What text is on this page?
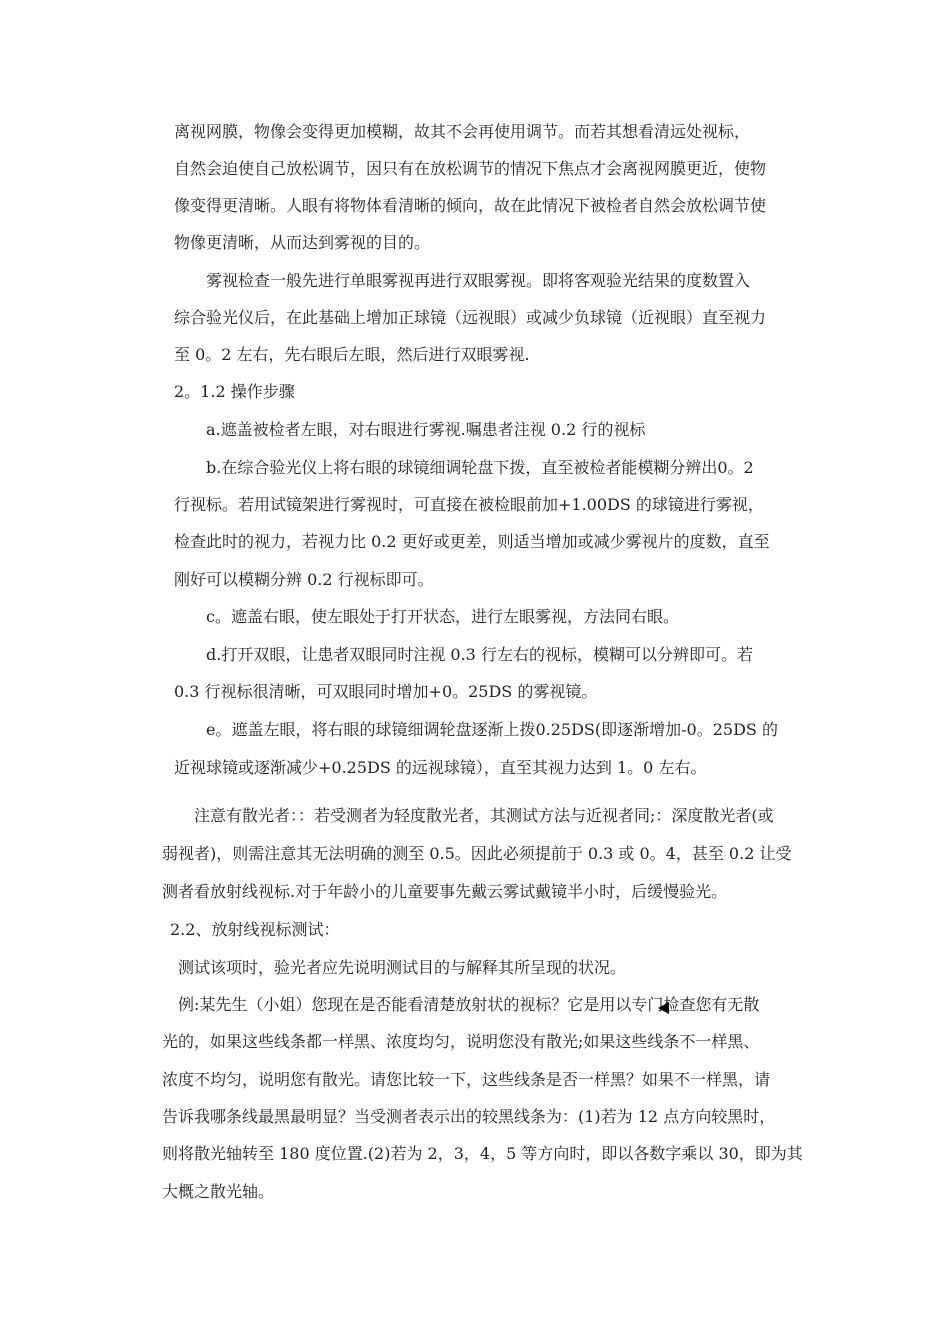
离视网膜，物像会变得更加模糊，故其不会再使用调节。而若其想看清远处视标，
自然会迫使自己放松调节，因只有在放松调节的情况下焦点才会离视网膜更近，使物
像变得更清晰。人眼有将物体看清晰的倾向，故在此情况下被检者自然会放松调节使
物像更清晰，从而达到雾视的目的。
雾视检查一般先进行单眼雾视再进行双眼雾视。即将客观验光结果的度数置入
综合验光仪后，在此基础上增加正球镜（远视眼）或减少负球镜（近视眼）直至视力
至 0。2 左右，先右眼后左眼，然后进行双眼雾视.
2。1.2 操作步骤
a.遮盖被检者左眼，对右眼进行雾视.嘱患者注视 0.2 行的视标
b.在综合验光仪上将右眼的球镜细调轮盘下拨，直至被检者能模糊分辨出0。2
行视标。若用试镜架进行雾视时，可直接在被检眼前加+1.00DS 的球镜进行雾视，
检查此时的视力，若视力比 0.2 更好或更差，则适当增加或减少雾视片的度数，直至
刚好可以模糊分辨 0.2 行视标即可。
c。遮盖右眼，使左眼处于打开状态，进行左眼雾视，方法同右眼。
d.打开双眼，让患者双眼同时注视 0.3 行左右的视标，模糊可以分辨即可。若
0.3 行视标很清晰，可双眼同时增加+0。25DS 的雾视镜。
e。遮盖左眼，将右眼的球镜细调轮盘逐渐上拨0.25DS(即逐渐增加-0。25DS 的
近视球镜或逐渐减少+0.25DS 的远视球镜），直至其视力达到 1。0 左右。
注意有散光者：：若受测者为轻度散光者，其测试方法与近视者同;：深度散光者(或
弱视者)，则需注意其无法明确的测至 0.5。因此必须提前于 0.3 或 0。4，甚至 0.2 让受
测者看放射线视标.对于年龄小的儿童要事先戴云雾试戴镜半小时，后缓慢验光。
2.2、放射线视标测试：
测试该项时，验光者应先说明测试目的与解释其所呈现的状况。
例:某先生（小姐）您现在是否能看清楚放射状的视标？它是用以专门检查您有无散
光的，如果这些线条都一样黑、浓度均匀，说明您没有散光;如果这些线条不一样黑、
浓度不均匀，说明您有散光。请您比较一下，这些线条是否一样黑？如果不一样黑，请
告诉我哪条线最黑最明显？当受测者表示出的较黑线条为：(1)若为 12 点方向较黑时，
则将散光轴转至 180 度位置.(2)若为 2，3，4，5 等方向时，即以各数字乘以 30，即为其
大概之散光轴。
